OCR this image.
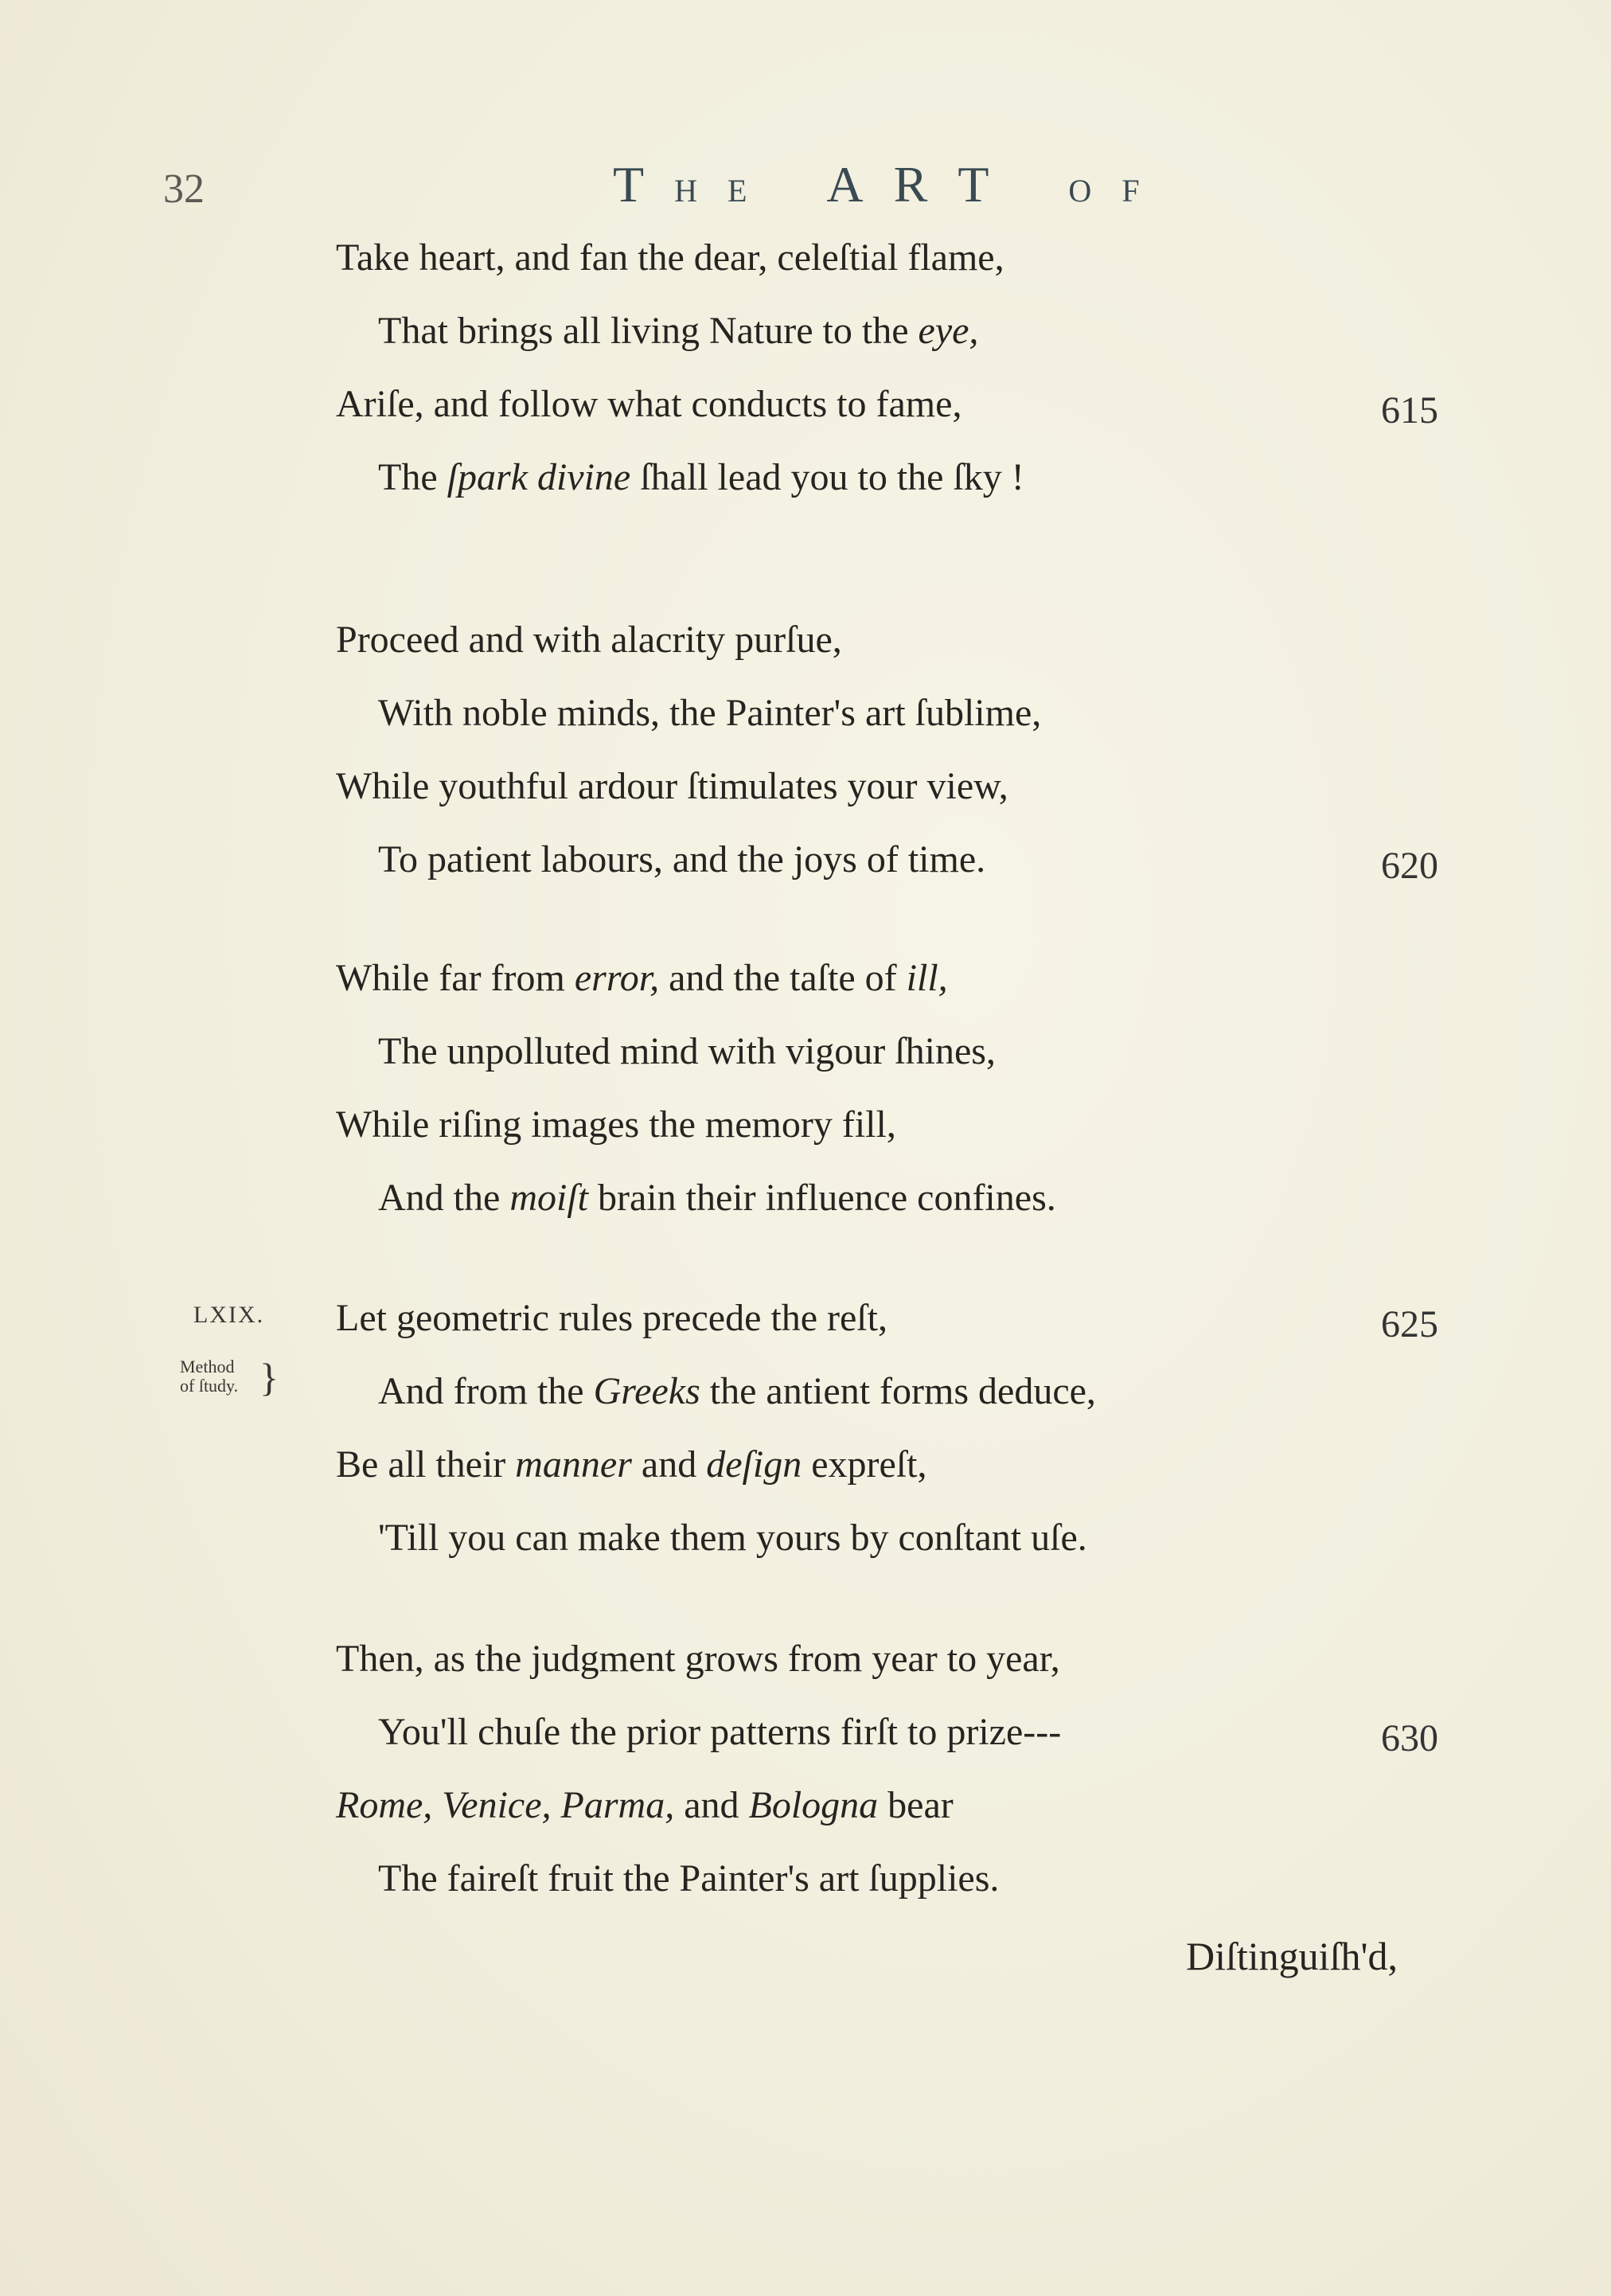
32	T H E A R T O F
LXIX.
Method
of ſtudy. }
Take heart, and fan the dear, celeſtial flame,
That brings all living Nature to the eye,
Ariſe, and follow what conducts to fame,	615
The ſpark divine ſhall lead you to the ſky !
Proceed and with alacrity purſue,
With noble minds, the Painter's art ſublime,
While youthful ardour ſtimulates your view,
To patient labours, and the joys of time.	620
While far from error, and the taſte of ill,
The unpolluted mind with vigour ſhines,
While riſing images the memory fill,
And the moiſt brain their influence confines.
Let geometric rules precede the reſt,	625
And from the Greeks the antient forms deduce,
Be all their manner and deſign expreſt,
'Till you can make them yours by conſtant uſe.
Then, as the judgment grows from year to year,
You'll chuſe the prior patterns firſt to prize---	630
Rome, Venice, Parma, and Bologna bear
The faireſt fruit the Painter's art ſupplies.
Diſtinguiſh'd,
